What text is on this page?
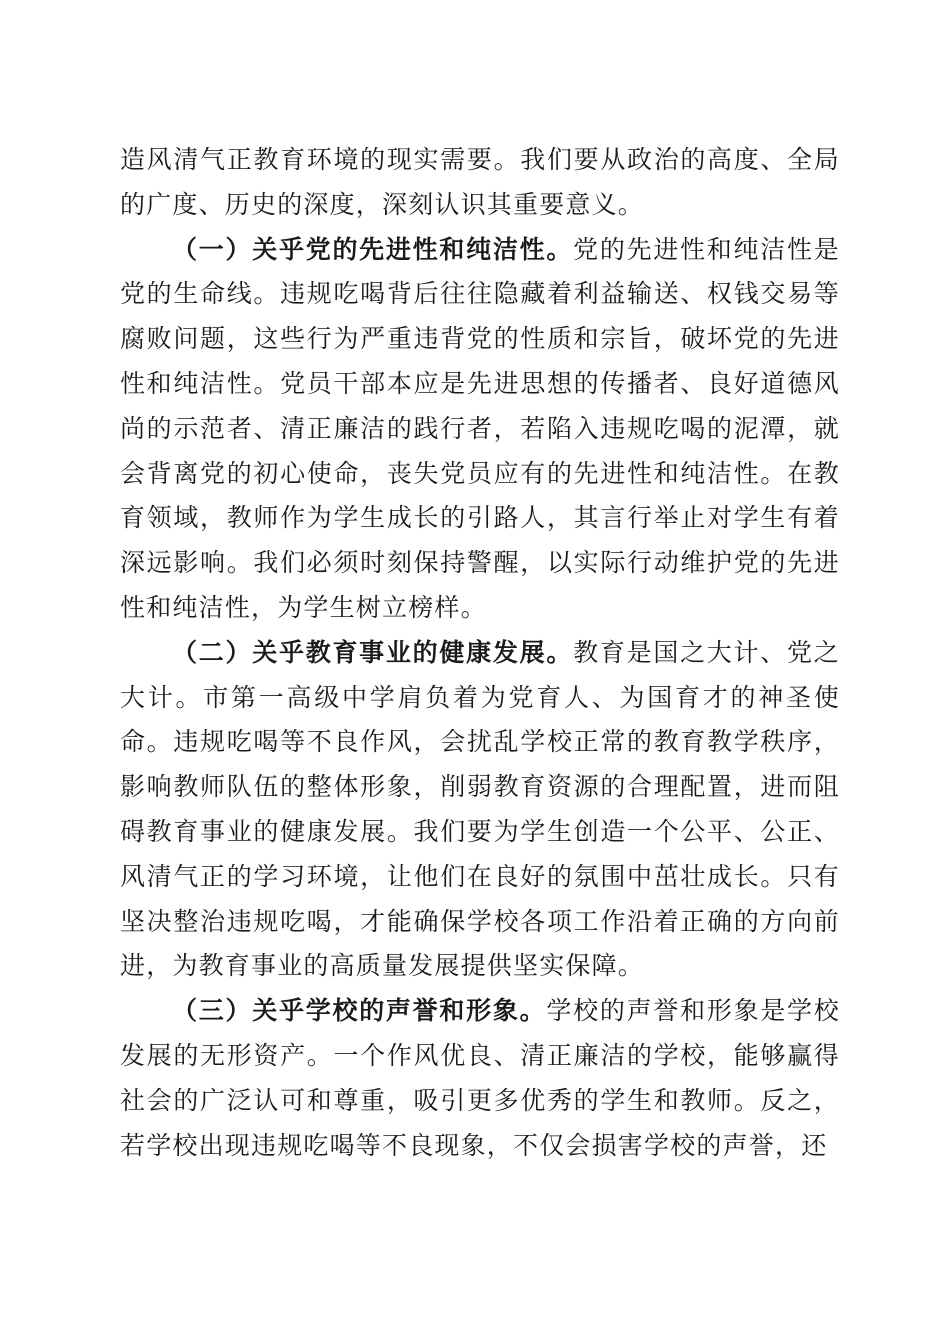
造风清气正教育环境的现实需要。我们要从政治的高度、全局的广度、历史的深度，深刻认识其重要意义。

（一）关乎党的先进性和纯洁性。党的先进性和纯洁性是党的生命线。违规吃喝背后往往隐藏着利益输送、权钱交易等腐败问题，这些行为严重违背党的性质和宗旨，破坏党的先进性和纯洁性。党员干部本应是先进思想的传播者、良好道德风尚的示范者、清正廉洁的践行者，若陷入违规吃喝的泥潭，就会背离党的初心使命，丧失党员应有的先进性和纯洁性。在教育领域，教师作为学生成长的引路人，其言行举止对学生有着深远影响。我们必须时刻保持警醒，以实际行动维护党的先进性和纯洁性，为学生树立榜样。

（二）关乎教育事业的健康发展。教育是国之大计、党之大计。市第一高级中学肩负着为党育人、为国育才的神圣使命。违规吃喝等不良作风，会扰乱学校正常的教育教学秩序，影响教师队伍的整体形象，削弱教育资源的合理配置，进而阻碍教育事业的健康发展。我们要为学生创造一个公平、公正、风清气正的学习环境，让他们在良好的氛围中茁壮成长。只有坚决整治违规吃喝，才能确保学校各项工作沿着正确的方向前进，为教育事业的高质量发展提供坚实保障。

（三）关乎学校的声誉和形象。学校的声誉和形象是学校发展的无形资产。一个作风优良、清正廉洁的学校，能够赢得社会的广泛认可和尊重，吸引更多优秀的学生和教师。反之，若学校出现违规吃喝等不良现象，不仅会损害学校的声誉，还
